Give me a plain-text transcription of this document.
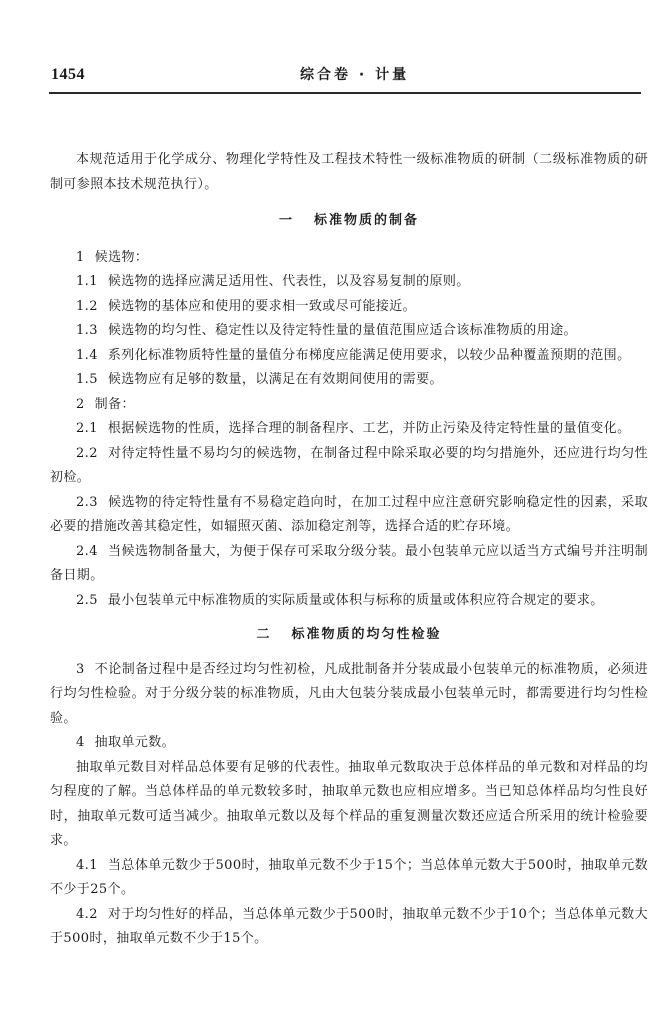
1454	综合卷 · 计量

本规范适用于化学成分、物理化学特性及工程技术特性一级标准物质的研制（二级标准物质的研制可参照本技术规范执行）。

一 标准物质的制备

1 候选物：

1.1 候选物的选择应满足适用性、代表性，以及容易复制的原则。

1.2 候选物的基体应和使用的要求相一致或尽可能接近。

1.3 候选物的均匀性、稳定性以及待定特性量的量值范围应适合该标准物质的用途。

1.4 系列化标准物质特性量的量值分布梯度应能满足使用要求，以较少品种覆盖预期的范围。

1.5 候选物应有足够的数量，以满足在有效期间使用的需要。

2 制备：

2.1 根据候选物的性质，选择合理的制备程序、工艺，并防止污染及待定特性量的量值变化。

2.2 对待定特性量不易均匀的候选物，在制备过程中除采取必要的均匀措施外，还应进行均匀性初检。

2.3 候选物的待定特性量有不易稳定趋向时，在加工过程中应注意研究影响稳定性的因素，采取必要的措施改善其稳定性，如辐照灭菌、添加稳定剂等，选择合适的贮存环境。

2.4 当候选物制备量大，为便于保存可采取分级分装。最小包装单元应以适当方式编号并注明制备日期。

2.5 最小包装单元中标准物质的实际质量或体积与标称的质量或体积应符合规定的要求。

二 标准物质的均匀性检验

3 不论制备过程中是否经过均匀性初检，凡成批制备并分装成最小包装单元的标准物质，必须进行均匀性检验。对于分级分装的标准物质，凡由大包装分装成最小包装单元时，都需要进行均匀性检验。

4 抽取单元数。

抽取单元数目对样品总体要有足够的代表性。抽取单元数取决于总体样品的单元数和对样品的均匀程度的了解。当总体样品的单元数较多时，抽取单元数也应相应增多。当已知总体样品均匀性良好时，抽取单元数可适当减少。抽取单元数以及每个样品的重复测量次数还应适合所采用的统计检验要求。

4.1 当总体单元数少于500时，抽取单元数不少于15个；当总体单元数大于500时，抽取单元数不少于25个。

4.2 对于均匀性好的样品，当总体单元数少于500时，抽取单元数不少于10个；当总体单元数大于500时，抽取单元数不少于15个。
